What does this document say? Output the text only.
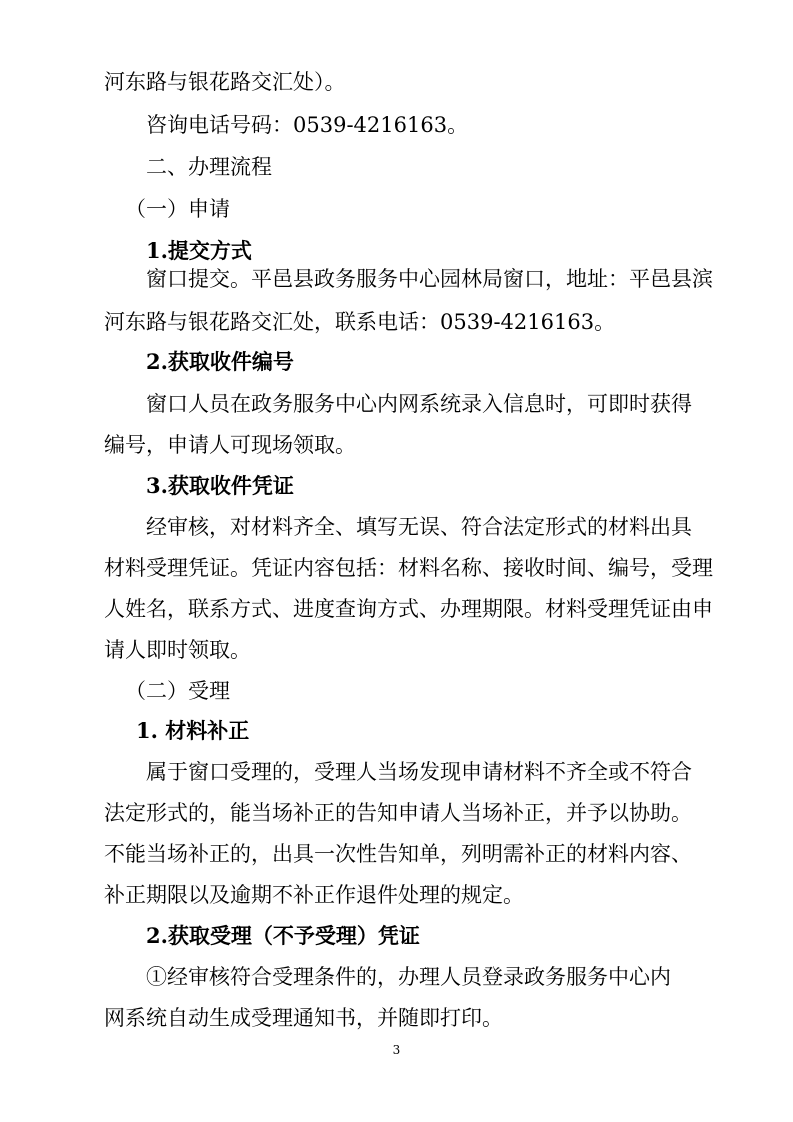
河东路与银花路交汇处）。
咨询电话号码：0539-4216163。
二、办理流程
（一）申请
1.提交方式
窗口提交。平邑县政务服务中心园林局窗口，地址：平邑县滨
河东路与银花路交汇处，联系电话：0539-4216163。
2.获取收件编号
窗口人员在政务服务中心内网系统录入信息时，可即时获得
编号，申请人可现场领取。
3.获取收件凭证
经审核，对材料齐全、填写无误、符合法定形式的材料出具
材料受理凭证。凭证内容包括：材料名称、接收时间、编号，受理
人姓名，联系方式、进度查询方式、办理期限。材料受理凭证由申
请人即时领取。
（二）受理
1. 材料补正
属于窗口受理的，受理人当场发现申请材料不齐全或不符合
法定形式的，能当场补正的告知申请人当场补正，并予以协助。
不能当场补正的，出具一次性告知单，列明需补正的材料内容、
补正期限以及逾期不补正作退件处理的规定。
2.获取受理（不予受理）凭证
①经审核符合受理条件的，办理人员登录政务服务中心内
网系统自动生成受理通知书，并随即打印。
3
